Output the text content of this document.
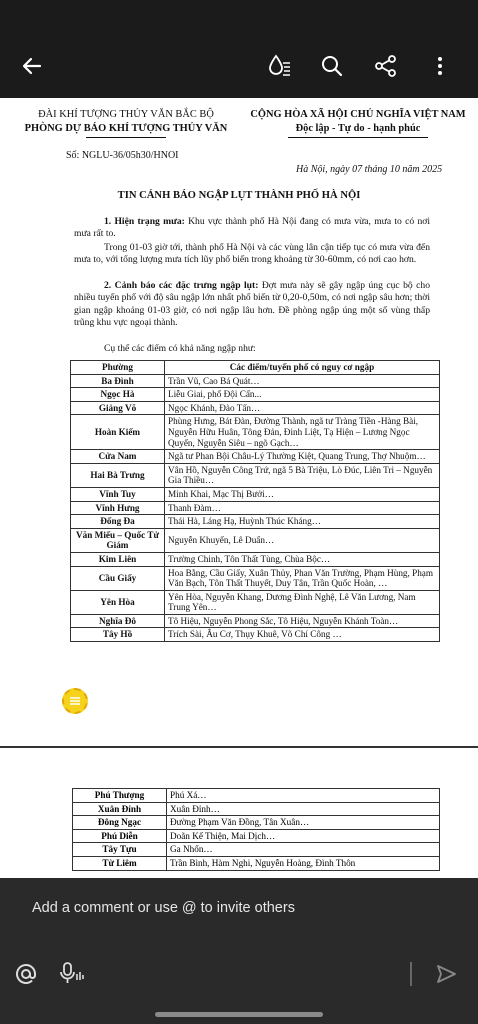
ĐÀI KHÍ TƯỢNG THỦY VĂN BẮC BỘ
PHÒNG DỰ BÁO KHÍ TƯỢNG THỦY VĂN
CỘNG HÒA XÃ HỘI CHỦ NGHĨA VIỆT NAM
Độc lập - Tự do - hạnh phúc
Số: NGLU-36/05h30/HNOI
Hà Nội, ngày 07 tháng 10 năm 2025
TIN CẢNH BÁO NGẬP LỤT THÀNH PHỐ HÀ NỘI
1. Hiện trạng mưa: Khu vực thành phố Hà Nội đang có mưa vừa, mưa to có nơi mưa rất to.
Trong 01-03 giờ tới, thành phố Hà Nội và các vùng lân cận tiếp tục có mưa vừa đến mưa to, với tổng lượng mưa tích lũy phổ biến trong khoảng từ 30-60mm, có nơi cao hơn.
2. Cảnh báo các đặc trưng ngập lụt: Đợt mưa này sẽ gây ngập úng cục bộ cho nhiều tuyến phố với độ sâu ngập lớn nhất phổ biến từ 0,20-0,50m, có nơi ngập sâu hơn; thời gian ngập khoảng 01-03 giờ, có nơi ngập lâu hơn. Đề phòng ngập úng một số vùng thấp trũng khu vực ngoại thành.
Cụ thể các điểm có khả năng ngập như:
Phường	Các điểm/tuyến phố có nguy cơ ngập
Ba Đình	Trần Vũ, Cao Bá Quát…
Ngọc Hà	Liễu Giai, phố Đội Cấn...
Giảng Võ	Ngọc Khánh, Đào Tấn…
Hoàn Kiếm	Phùng Hưng, Bát Đàn, Đường Thành, ngã tư Tràng Tiền -Hàng Bài, Nguyễn Hữu Huân, Tông Đản, Đinh Liệt, Tạ Hiện – Lương Ngọc Quyến, Nguyễn Siêu – ngõ Gạch…
Cửa Nam	Ngã tư Phan Bội Châu-Lý Thường Kiệt, Quang Trung, Thợ Nhuộm…
Hai Bà Trưng	Vân Hồ, Nguyễn Công Trứ, ngã 5 Bà Triệu, Lò Đúc, Liên Trì – Nguyễn Gia Thiều…
Vĩnh Tuy	Minh Khai, Mạc Thị Bưởi…
Vĩnh Hưng	Thanh Đàm…
Đống Đa	Thái Hà, Láng Hạ, Huỳnh Thúc Kháng…
Văn Miếu – Quốc Tử Giám	Nguyễn Khuyến, Lê Duẩn…
Kim Liên	Trường Chinh, Tôn Thất Tùng, Chùa Bộc…
Cầu Giấy	Hoa Bằng, Cầu Giấy, Xuân Thủy, Phan Văn Trường, Phạm Hùng, Phạm Văn Bạch, Tôn Thất Thuyết, Duy Tân, Trần Quốc Hoàn, …
Yên Hòa	Yên Hòa, Nguyễn Khang, Dương Đình Nghệ, Lê Văn Lương, Nam Trung Yên…
Nghĩa Đô	Tô Hiệu, Nguyễn Phong Sắc, Tô Hiệu, Nguyễn Khánh Toàn…
Tây Hồ	Trích Sài, Âu Cơ, Thụy Khuê, Võ Chí Công …
Phú Thượng	Phú Xá…
Xuân Đỉnh	Xuân Đỉnh…
Đông Ngạc	Đường Phạm Văn Đồng, Tân Xuân…
Phú Diễn	Doãn Kế Thiện, Mai Dịch…
Tây Tựu	Ga Nhổn…
Từ Liêm	Trần Bình, Hàm Nghi, Nguyễn Hoàng, Đình Thôn
Add a comment or use @ to invite others
